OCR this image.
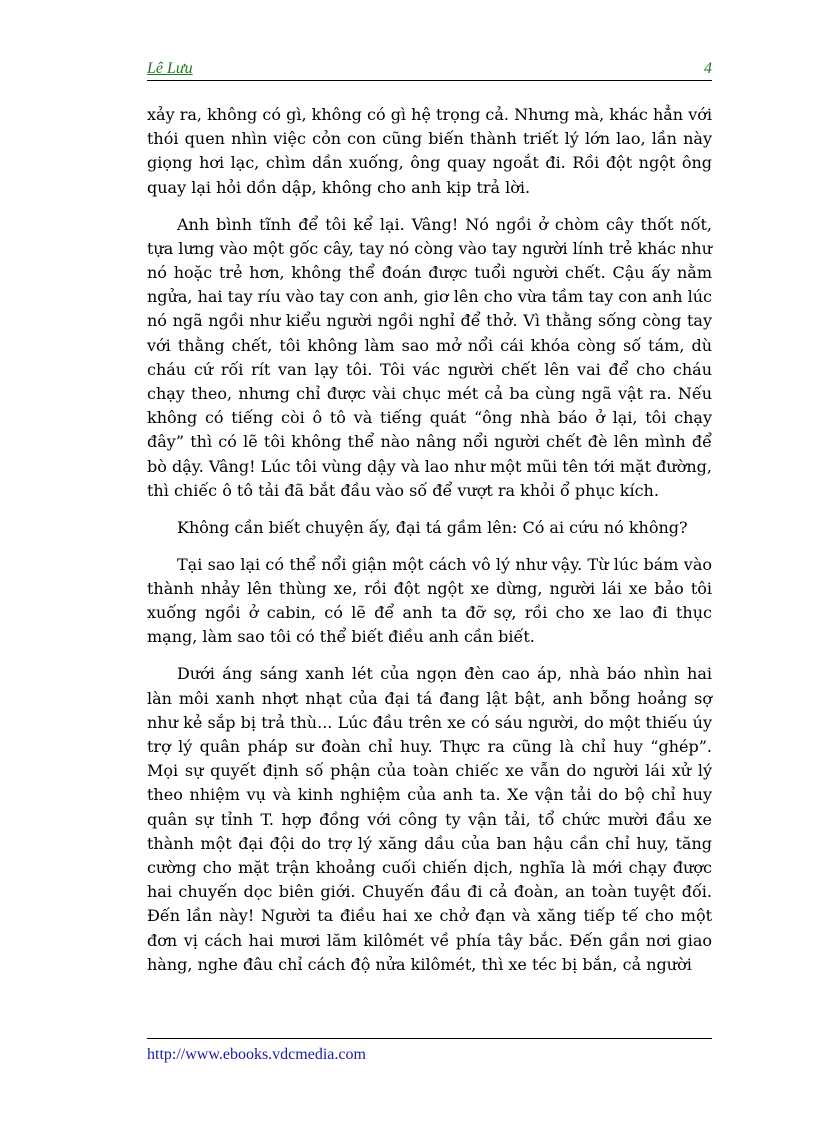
Lê Lưu	4

xảy ra, không có gì, không có gì hệ trọng cả. Nhưng mà, khác hẳn với thói quen nhìn việc cỏn con cũng biến thành triết lý lớn lao, lần này giọng hơi lạc, chìm dần xuống, ông quay ngoắt đi. Rồi đột ngột ông quay lại hỏi dồn dập, không cho anh kịp trả lời.

Anh bình tĩnh để tôi kể lại. Vâng! Nó ngồi ở chòm cây thốt nốt, tựa lưng vào một gốc cây, tay nó còng vào tay người lính trẻ khác như nó hoặc trẻ hơn, không thể đoán được tuổi người chết. Cậu ấy nằm ngửa, hai tay ríu vào tay con anh, giơ lên cho vừa tầm tay con anh lúc nó ngã ngồi như kiểu người ngồi nghỉ để thở. Vì thằng sống còng tay với thằng chết, tôi không làm sao mở nổi cái khóa còng số tám, dù cháu cứ rối rít van lạy tôi. Tôi vác người chết lên vai để cho cháu chạy theo, nhưng chỉ được vài chục mét cả ba cùng ngã vật ra. Nếu không có tiếng còi ô tô và tiếng quát “ông nhà báo ở lại, tôi chạy đây” thì có lẽ tôi không thể nào nâng nổi người chết đè lên mình để bò dậy. Vâng! Lúc tôi vùng dậy và lao như một mũi tên tới mặt đường, thì chiếc ô tô tải đã bắt đầu vào số để vượt ra khỏi ổ phục kích.

Không cần biết chuyện ấy, đại tá gầm lên: Có ai cứu nó không?

Tại sao lại có thể nổi giận một cách vô lý như vậy. Từ lúc bám vào thành nhảy lên thùng xe, rồi đột ngột xe dừng, người lái xe bảo tôi xuống ngồi ở cabin, có lẽ để anh ta đỡ sợ, rồi cho xe lao đi thục mạng, làm sao tôi có thể biết điều anh cần biết.

Dưới áng sáng xanh lét của ngọn đèn cao áp, nhà báo nhìn hai làn môi xanh nhợt nhạt của đại tá đang lật bật, anh bỗng hoảng sợ như kẻ sắp bị trả thù... Lúc đầu trên xe có sáu người, do một thiếu úy trợ lý quân pháp sư đoàn chỉ huy. Thực ra cũng là chỉ huy “ghép”. Mọi sự quyết định số phận của toàn chiếc xe vẫn do người lái xử lý theo nhiệm vụ và kinh nghiệm của anh ta. Xe vận tải do bộ chỉ huy quân sự tỉnh T. hợp đồng với công ty vận tải, tổ chức mười đầu xe thành một đại đội do trợ lý xăng dầu của ban hậu cần chỉ huy, tăng cường cho mặt trận khoảng cuối chiến dịch, nghĩa là mới chạy được hai chuyến dọc biên giới. Chuyến đầu đi cả đoàn, an toàn tuyệt đối. Đến lần này! Người ta điều hai xe chở đạn và xăng tiếp tế cho một đơn vị cách hai mươi lăm kilômét về phía tây bắc. Đến gần nơi giao hàng, nghe đâu chỉ cách độ nửa kilômét, thì xe téc bị bắn, cả người

http://www.ebooks.vdcmedia.com
